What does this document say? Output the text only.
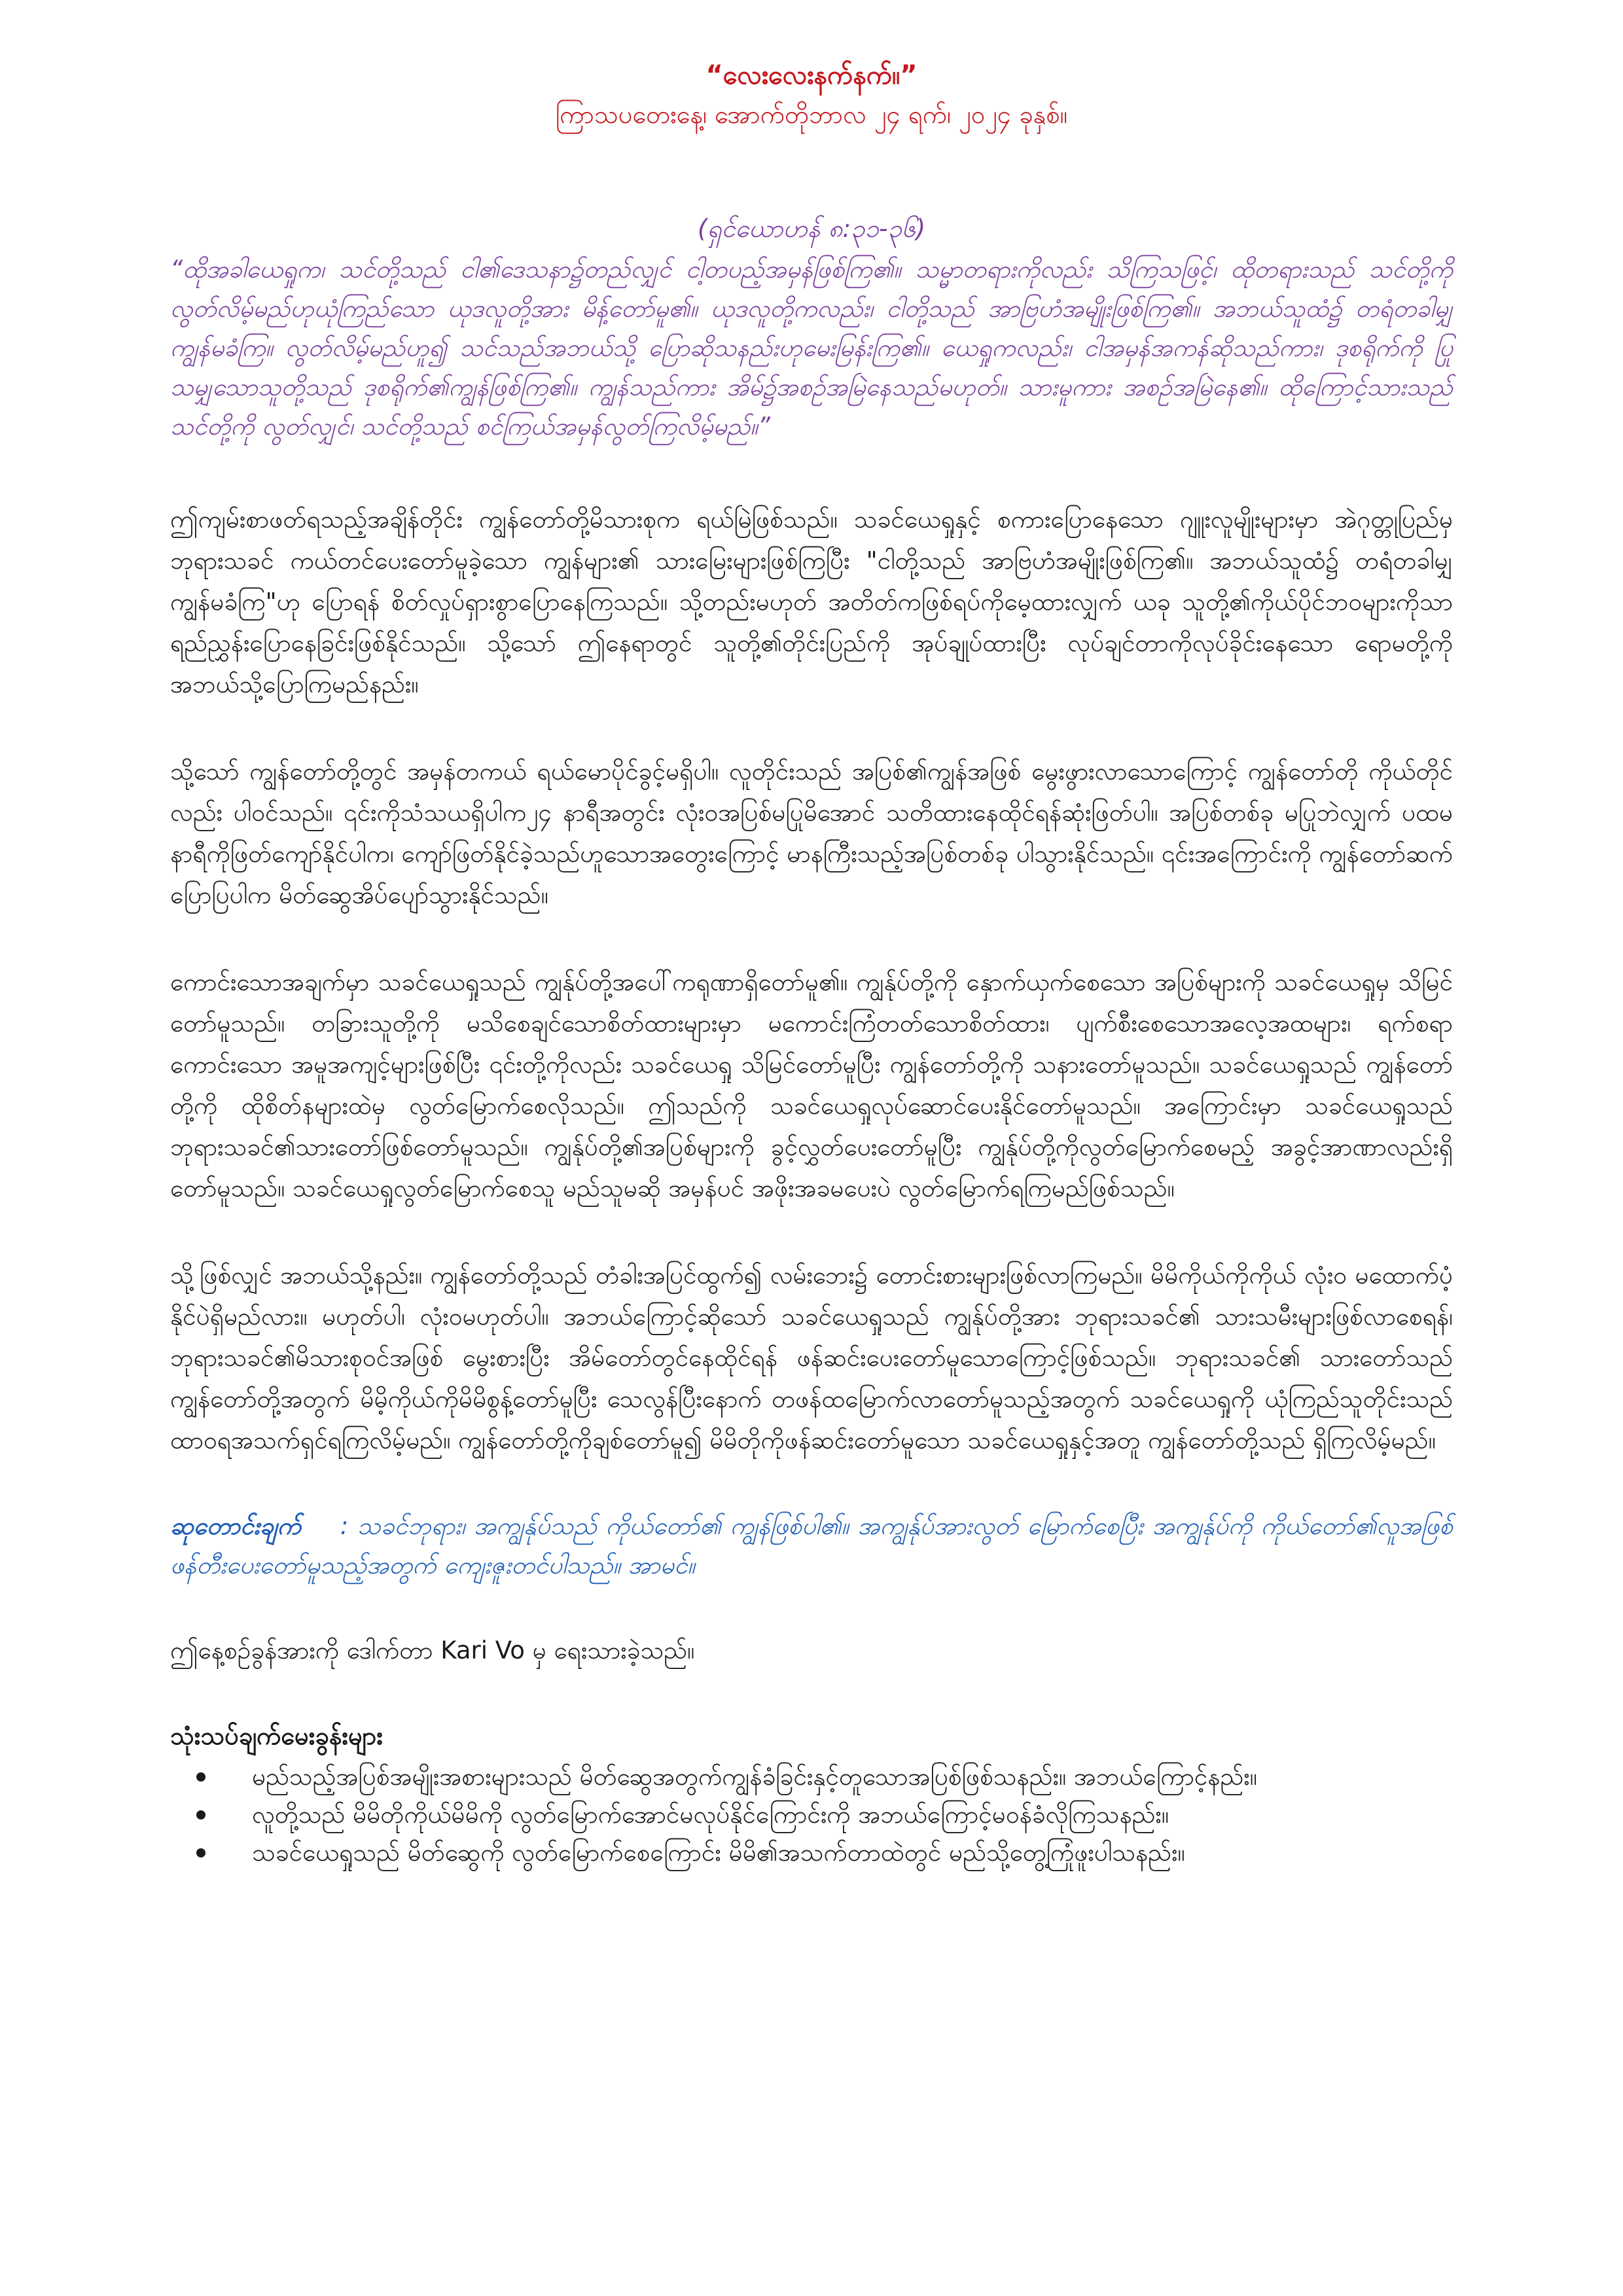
“လေးလေးနက်နက်။”

ကြာသပတေးနေ့၊ အောက်တိုဘာလ ၂၄ ရက်၊ ၂၀၂၄ ခုနှစ်။

(ရှင်ယောဟန် ၈:၃၁-၃၆)

“ထိုအခါယေရှုက၊ သင်တို့သည် ငါ၏ဒေသနာ၌တည်လျှင် ငါ့တပည့်အမှန်ဖြစ်ကြ၏။ သမ္မာတရားကိုလည်း သိကြသဖြင့်၊ ထိုတရားသည် သင်တို့ကို လွတ်လိမ့်မည်ဟုယုံကြည်သော ယုဒလူတို့အား မိန့်တော်မူ၏။ ယုဒလူတို့ကလည်း၊ ငါတို့သည် အာဗြဟံအမျိုးဖြစ်ကြ၏။ အဘယ်သူထံ၌ တရံတခါမျှ ကျွန်မခံကြ။ လွတ်လိမ့်မည်ဟူ၍ သင်သည်အဘယ်သို့ ပြောဆိုသနည်းဟုမေးမြန်းကြ၏။ ယေရှုကလည်း၊ ငါအမှန်အကန်ဆိုသည်ကား၊ ဒုစရိုက်ကို ပြုသမျှသောသူတို့သည် ဒုစရိုက်၏ကျွန်ဖြစ်ကြ၏။ ကျွန်သည်ကား အိမ်၌အစဉ်အမြဲနေသည်မဟုတ်။ သားမူကား အစဉ်အမြဲနေ၏။ ထိုကြောင့်သားသည် သင်တို့ကို လွတ်လျှင်၊ သင်တို့သည် စင်ကြယ်အမှန်လွတ်ကြလိမ့်မည်။”

ဤကျမ်းစာဖတ်ရသည့်အချိန်တိုင်း ကျွန်တော်တို့မိသားစုက ရယ်မြဲဖြစ်သည်။ သခင်ယေရှုနှင့် စကားပြောနေသော ဂျူးလူမျိုးများမှာ အဲဂုတ္တုပြည်မှ ဘုရားသခင် ကယ်တင်ပေးတော်မူခဲ့သော ကျွန်များ၏ သားမြေးများဖြစ်ကြပြီး "ငါတို့သည် အာဗြဟံအမျိုးဖြစ်ကြ၏။ အဘယ်သူထံ၌ တရံတခါမျှ ကျွန်မခံကြ"ဟု ပြောရန် စိတ်လှုပ်ရှားစွာပြောနေကြသည်။ သို့တည်းမဟုတ် အတိတ်ကဖြစ်ရပ်ကိုမေ့ထားလျှက် ယခု သူတို့၏ကိုယ်ပိုင်ဘဝများကိုသာ ရည်ညွှန်းပြောနေခြင်းဖြစ်နိုင်သည်။ သို့သော် ဤနေရာတွင် သူတို့၏တိုင်းပြည်ကို အုပ်ချုပ်ထားပြီး လုပ်ချင်တာကိုလုပ်ခိုင်းနေသော ရောမတို့ကို အဘယ်သို့ပြောကြမည်နည်း။

သို့သော် ကျွန်တော်တို့တွင် အမှန်တကယ် ရယ်မောပိုင်ခွင့်မရှိပါ။ လူတိုင်းသည် အပြစ်၏ကျွန်အဖြစ် မွေးဖွားလာသောကြောင့် ကျွန်တော်တို ကိုယ်တိုင်လည်း ပါဝင်သည်။ ၎င်းကိုသံသယရှိပါက၂၄ နာရီအတွင်း လုံးဝအပြစ်မပြုမိအောင် သတိထားနေထိုင်ရန်ဆုံးဖြတ်ပါ။ အပြစ်တစ်ခု မပြုဘဲလျှက် ပထမနာရီကိုဖြတ်ကျော်နိုင်ပါက၊ ကျော်ဖြတ်နိုင်ခဲ့သည်ဟူသောအတွေးကြောင့် မာနကြီးသည့်အပြစ်တစ်ခု ပါသွားနိုင်သည်။ ၎င်းအကြောင်းကို ကျွန်တော်ဆက်ပြောပြပါက မိတ်ဆွေအိပ်ပျော်သွားနိုင်သည်။

ကောင်းသောအချက်မှာ သခင်ယေရှုသည် ကျွန်ုပ်တို့အပေါ်ကရုဏာရှိတော်မူ၏။ ကျွန်ုပ်တို့ကို နှောက်ယှက်စေသော အပြစ်များကို သခင်ယေရှုမှ သိမြင်တော်မူသည်။ တခြားသူတို့ကို မသိစေချင်သောစိတ်ထားများမှာ မကောင်းကြံတတ်သောစိတ်ထား၊ ပျက်စီးစေသောအလေ့အထများ၊ ရက်စရာ ကောင်းသော အမူအကျင့်များဖြစ်ပြီး ၎င်းတို့ကိုလည်း သခင်ယေရှု သိမြင်တော်မူပြီး ကျွန်တော်တို့ကို သနားတော်မူသည်။ သခင်ယေရှုသည် ကျွန်တော်တို့ကို ထိုစိတ်နများထဲမှ လွတ်မြောက်စေလိုသည်။ ဤသည်ကို သခင်ယေရှုလုပ်ဆောင်ပေးနိုင်တော်မူသည်။ အကြောင်းမှာ သခင်ယေရှုသည် ဘုရားသခင်၏သားတော်ဖြစ်တော်မူသည်။ ကျွန်ုပ်တို့၏အပြစ်များကို ခွင့်လွှတ်ပေးတော်မူပြီး ကျွန်ုပ်တို့ကိုလွတ်မြောက်စေမည့် အခွင့်အာဏာလည်းရှိတော်မူသည်။ သခင်ယေရှုလွတ်မြောက်စေသူ မည်သူမဆို အမှန်ပင် အဖိုးအခမပေးပဲ လွတ်မြောက်ရကြမည်ဖြစ်သည်။

သို့ဖြစ်လျှင် အဘယ်သို့နည်း။ ကျွန်တော်တို့သည် တံခါးအပြင်ထွက်၍ လမ်းဘေး၌ တောင်းစားများဖြစ်လာကြမည်။ မိမိကိုယ်ကိုကိုယ် လုံးဝ မထောက်ပံ့နိုင်ပဲရှိမည်လား။ မဟုတ်ပါ၊ လုံးဝမဟုတ်ပါ။ အဘယ်ကြောင့်ဆိုသော် သခင်ယေရှုသည် ကျွန်ုပ်တို့အား ဘုရားသခင်၏ သားသမီးများဖြစ်လာစေရန်၊ ဘုရားသခင်၏မိသားစုဝင်အဖြစ် မွေးစားပြီး အိမ်တော်တွင်နေထိုင်ရန် ဖန်ဆင်းပေးတော်မူသောကြောင့်ဖြစ်သည်။ ဘုရားသခင်၏ သားတော်သည် ကျွန်တော်တို့အတွက် မိမိ့ကိုယ်ကိုမိမိစွန့်တော်မူပြီး သေလွန်ပြီးနောက် တဖန်ထမြောက်လာတော်မူသည့်အတွက် သခင်ယေရှုကို ယုံကြည်သူတိုင်းသည် ထာဝရအသက်ရှင်ရကြလိမ့်မည်။ ကျွန်တော်တို့ကိုချစ်တော်မူ၍ မိမိတိုကိုဖန်ဆင်းတော်မူသော သခင်ယေရှုနှင့်အတူ ကျွန်တော်တို့သည် ရှိကြလိမ့်မည်။

ဆုတောင်းချက် : သခင်ဘုရား၊ အကျွန်ုပ်သည် ကိုယ်တော်၏ ကျွန်ဖြစ်ပါ၏။ အကျွန်ုပ်အားလွတ် မြောက်စေပြီး အကျွန်ုပ်ကို ကိုယ်တော်၏လူအဖြစ် ဖန်တီးပေးတော်မူသည့်အတွက် ကျေးဇူးတင်ပါသည်။ အာမင်။

ဤနေ့စဉ်ခွန်အားကို ဒေါက်တာ Kari Vo မှ ရေးသားခဲ့သည်။

သုံးသပ်ချက်မေးခွန်းများ

မည်သည့်အပြစ်အမျိုးအစားများသည် မိတ်ဆွေအတွက်ကျွန်ခံခြင်းနှင့်တူသောအပြစ်ဖြစ်သနည်း။ အဘယ်ကြောင့်နည်း။
လူတို့သည် မိမိတိုကိုယ်မိမိကို လွတ်မြောက်အောင်မလုပ်နိုင်ကြောင်းကို အဘယ်ကြောင့်မဝန်ခံလိုကြသနည်း။
သခင်ယေရှုသည် မိတ်ဆွေကို လွတ်မြောက်စေကြောင်း မိမိ၏အသက်တာထဲတွင် မည်သို့တွေ့ကြုံဖူးပါသနည်း။
